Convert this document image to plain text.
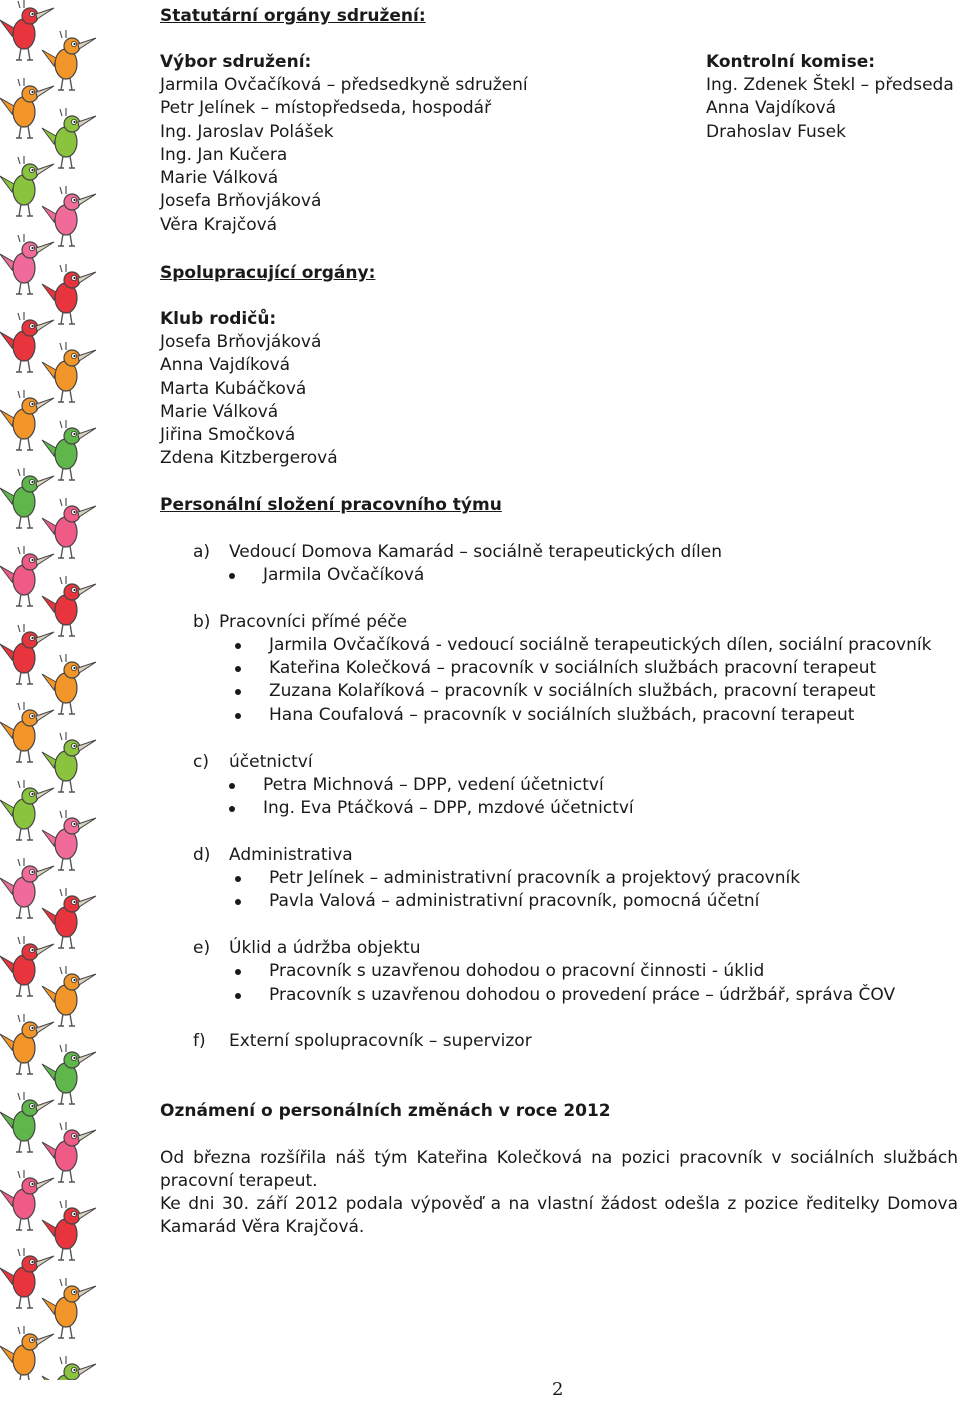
Statutární orgány sdružení:
Výbor sdružení:
Jarmila Ovčačíková – předsedkyně sdružení
Petr Jelínek – místopředseda, hospodář
Ing. Jaroslav Polášek
Ing. Jan Kučera
Marie Válková
Josefa Brňovjáková
Věra Krajčová
Kontrolní komise:
Ing. Zdenek Štekl – předseda
Anna Vajdíková
Drahoslav Fusek
Spolupracující orgány:
Klub rodičů:
Josefa Brňovjáková
Anna Vajdíková
Marta Kubáčková
Marie Válková
Jiřina Smočková
Zdena Kitzbergerová
Personální složení pracovního týmu
a) Vedoucí Domova Kamarád – sociálně terapeutických dílen
Jarmila Ovčačíková
b) Pracovníci přímé péče
Jarmila Ovčačíková - vedoucí sociálně terapeutických dílen, sociální pracovník
Kateřina Kolečková – pracovník v sociálních službách pracovní terapeut
Zuzana Kolaříková – pracovník v sociálních službách, pracovní terapeut
Hana Coufalová – pracovník v sociálních službách, pracovní terapeut
c) účetnictví
Petra Michnová – DPP, vedení účetnictví
Ing. Eva Ptáčková – DPP, mzdové účetnictví
d) Administrativa
Petr Jelínek – administrativní pracovník a projektový pracovník
Pavla Valová – administrativní pracovník, pomocná účetní
e) Úklid a údržba objektu
Pracovník s uzavřenou dohodou o pracovní činnosti - úklid
Pracovník s uzavřenou dohodou o provedení práce – údržbář, správa ČOV
f) Externí spolupracovník – supervizor
Oznámení o personálních změnách v roce 2012
Od března rozšířila náš tým Kateřina Kolečková na pozici pracovník v sociálních službách pracovní terapeut.
Ke dni 30. září 2012 podala výpověď a na vlastní žádost odešla z pozice ředitelky Domova Kamarád Věra Krajčová.
2
